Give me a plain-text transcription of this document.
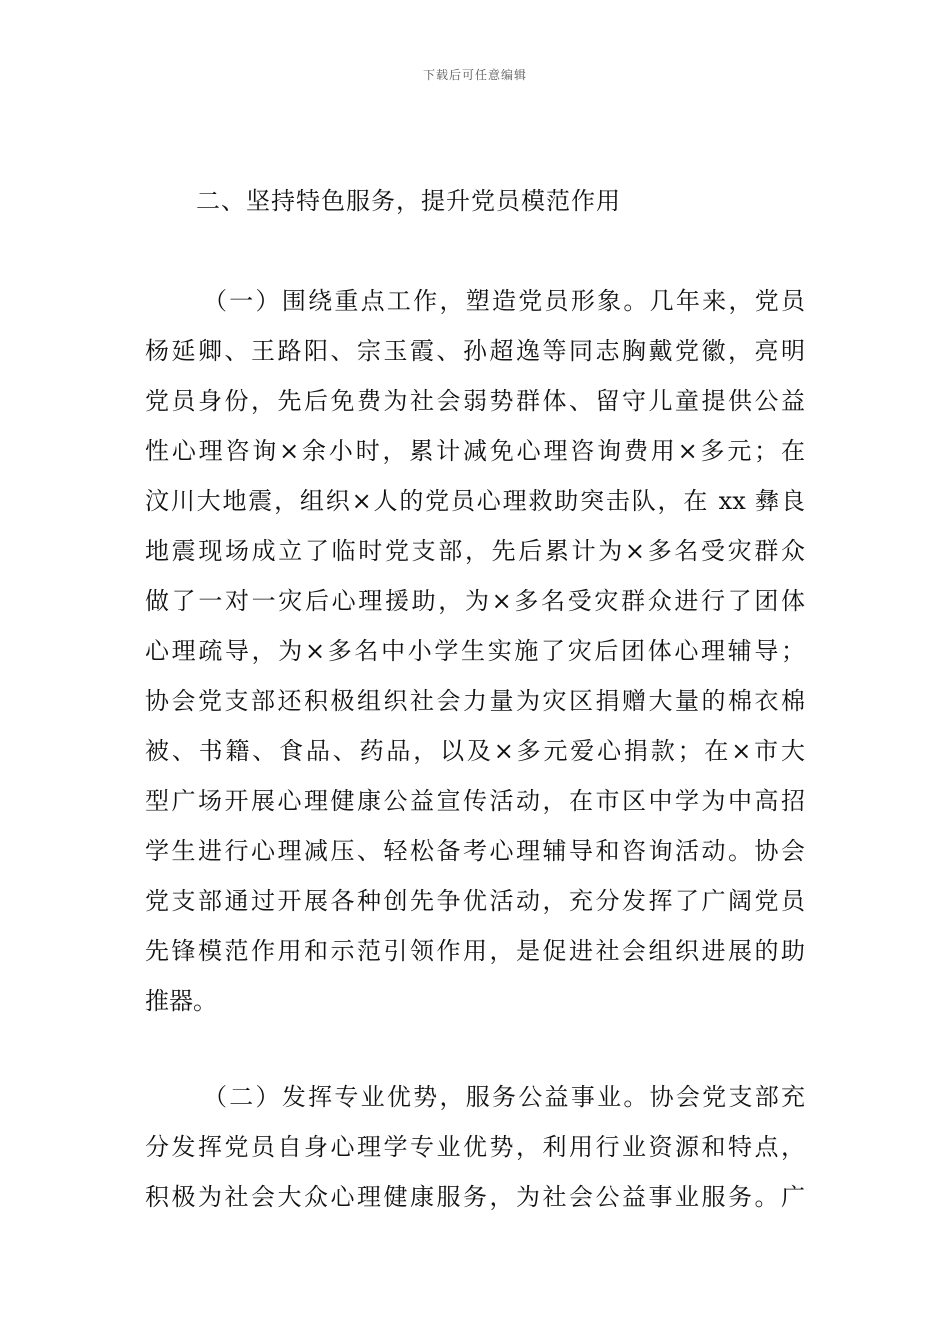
下载后可任意编辑
二、坚持特色服务，提升党员模范作用
（一）围绕重点工作，塑造党员形象。几年来，党员
杨延卿、王路阳、宗玉霞、孙超逸等同志胸戴党徽，亮明
党员身份，先后免费为社会弱势群体、留守儿童提供公益
性心理咨询×余小时，累计减免心理咨询费用×多元；在
汶川大地震，组织×人的党员心理救助突击队，在 xx 彝良
地震现场成立了临时党支部，先后累计为×多名受灾群众
做了一对一灾后心理援助，为×多名受灾群众进行了团体
心理疏导，为×多名中小学生实施了灾后团体心理辅导；
协会党支部还积极组织社会力量为灾区捐赠大量的棉衣棉
被、书籍、食品、药品，以及×多元爱心捐款；在×市大
型广场开展心理健康公益宣传活动，在市区中学为中高招
学生进行心理减压、轻松备考心理辅导和咨询活动。协会
党支部通过开展各种创先争优活动，充分发挥了广阔党员
先锋模范作用和示范引领作用，是促进社会组织进展的助
推器。
（二）发挥专业优势，服务公益事业。协会党支部充
分发挥党员自身心理学专业优势，利用行业资源和特点，
积极为社会大众心理健康服务，为社会公益事业服务。广
